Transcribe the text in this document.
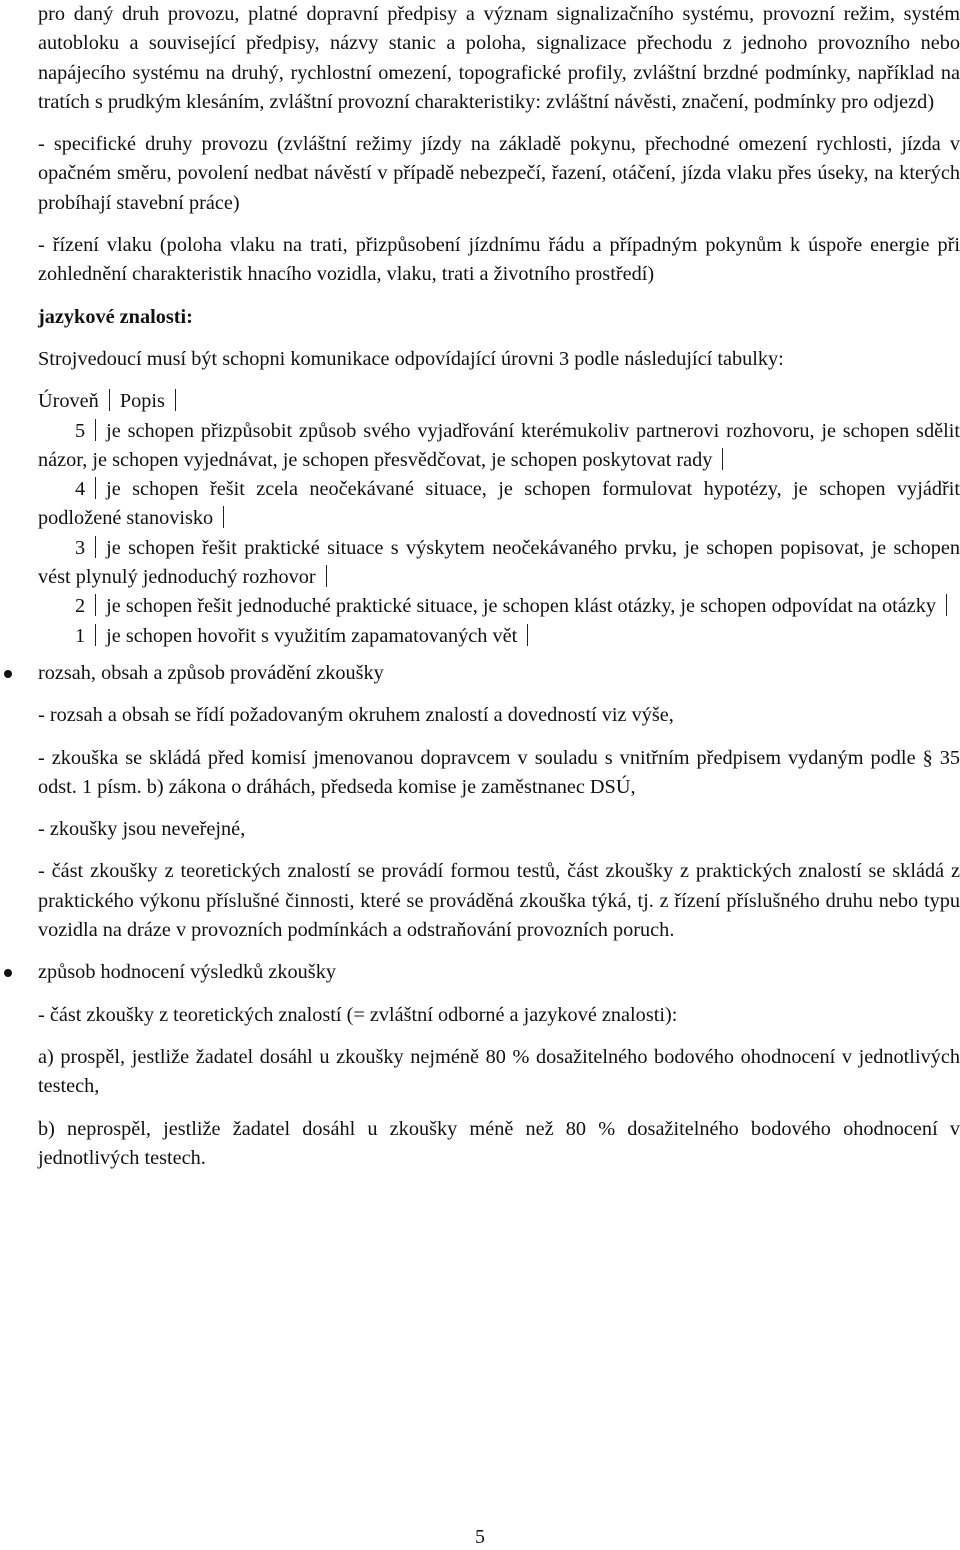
pro daný druh provozu, platné dopravní předpisy a význam signalizačního systému, provozní režim, systém autobloku a související předpisy, názvy stanic a poloha, signalizace přechodu z jednoho provozního nebo napájecího systému na druhý, rychlostní omezení, topografické profily, zvláštní brzdné podmínky, například na tratích s prudkým klesáním, zvláštní provozní charakteristiky: zvláštní návěsti, značení, podmínky pro odjezd)

- specifické druhy provozu (zvláštní režimy jízdy na základě pokynu, přechodné omezení rychlosti, jízda v opačném směru, povolení nedbat návěstí v případě nebezpečí, řazení, otáčení, jízda vlaku přes úseky, na kterých probíhají stavební práce)

- řízení vlaku (poloha vlaku na trati, přizpůsobení jízdnímu řádu a případným pokynům k úspoře energie při zohlednění charakteristik hnacího vozidla, vlaku, trati a životního prostředí)

jazykové znalosti:

Strojvedoucí musí být schopni komunikace odpovídající úrovni 3 podle následující tabulky:

Úroveň Popis

5 je schopen přizpůsobit způsob svého vyjadřování kterémukoliv partnerovi rozhovoru, je schopen sdělit názor, je schopen vyjednávat, je schopen přesvědčovat, je schopen poskytovat rady

4 je schopen řešit zcela neočekávané situace, je schopen formulovat hypotézy, je schopen vyjádřit podložené stanovisko

3 je schopen řešit praktické situace s výskytem neočekávaného prvku, je schopen popisovat, je schopen vést plynulý jednoduchý rozhovor

2 je schopen řešit jednoduché praktické situace, je schopen klást otázky, je schopen odpovídat na otázky

1 je schopen hovořit s využitím zapamatovaných vět

rozsah, obsah a způsob provádění zkoušky

- rozsah a obsah se řídí požadovaným okruhem znalostí a dovedností viz výše,

- zkouška se skládá před komisí jmenovanou dopravcem v souladu s vnitřním předpisem vydaným podle § 35 odst. 1 písm. b) zákona o dráhách, předseda komise je zaměstnanec DSÚ,

- zkoušky jsou neveřejné,

- část zkoušky z teoretických znalostí se provádí formou testů, část zkoušky z praktických znalostí se skládá z praktického výkonu příslušné činnosti, které se prováděná zkouška týká, tj. z řízení příslušného druhu nebo typu vozidla na dráze v provozních podmínkách a odstraňování provozních poruch.

způsob hodnocení výsledků zkoušky

- část zkoušky z teoretických znalostí (= zvláštní odborné a jazykové znalosti):

a) prospěl, jestliže žadatel dosáhl u zkoušky nejméně 80 % dosažitelného bodového ohodnocení v jednotlivých testech,

b) neprospěl, jestliže žadatel dosáhl u zkoušky méně než 80 % dosažitelného bodového ohodnocení v jednotlivých testech.

5
